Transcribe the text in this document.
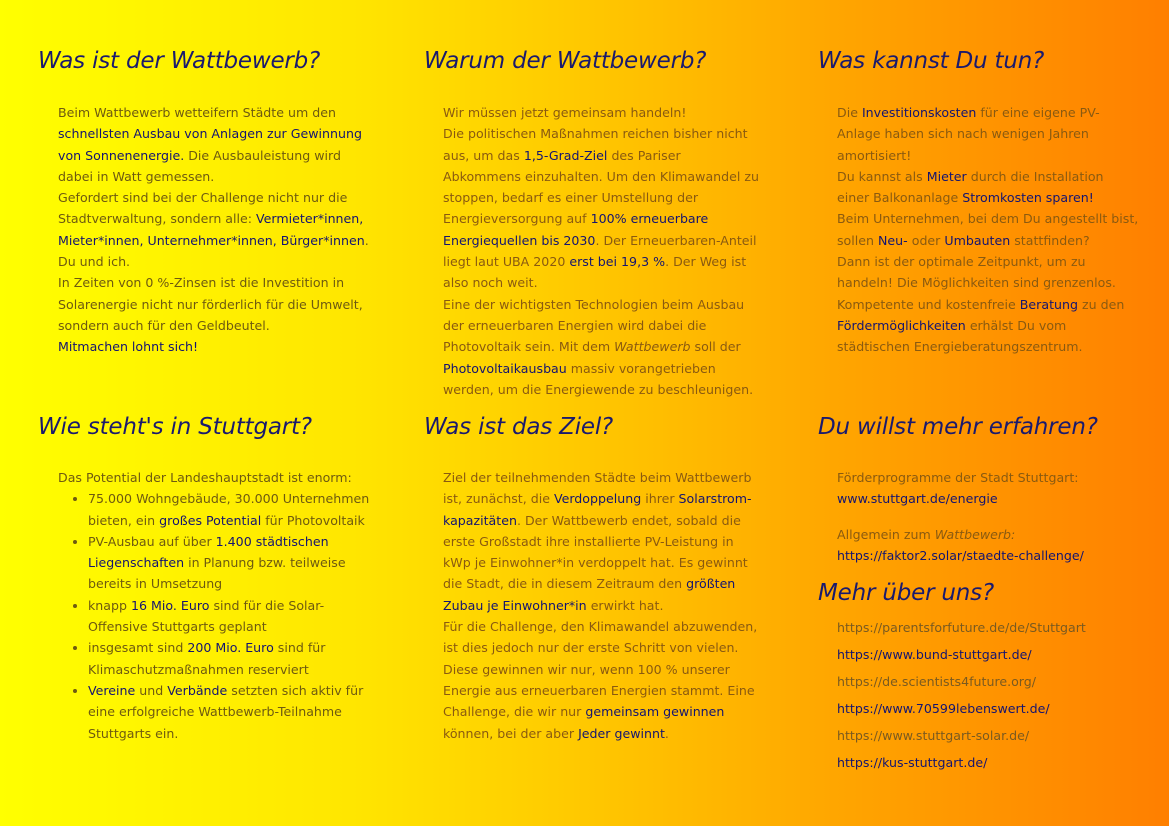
Was ist der Wattbewerb?

Beim Wattbewerb wetteifern Städte um den

schnellsten Ausbau von Anlagen zur Gewinnung

von Sonnenenergie. Die Ausbauleistung wird

dabei in Watt gemessen.

Gefordert sind bei der Challenge nicht nur die

Stadtverwaltung, sondern alle: Vermieter*innen,

Mieter*innen, Unternehmer*innen, Bürger*innen.

Du und ich.

In Zeiten von 0 %-Zinsen ist die Investition in

Solarenergie nicht nur förderlich für die Umwelt,

sondern auch für den Geldbeutel.

Mitmachen lohnt sich!

Warum der Wattbewerb?

Wir müssen jetzt gemeinsam handeln!

Die politischen Maßnahmen reichen bisher nicht

aus, um das 1,5-Grad-Ziel des Pariser

Abkommens einzuhalten. Um den Klimawandel zu

stoppen, bedarf es einer Umstellung der

Energieversorgung auf 100% erneuerbare

Energiequellen bis 2030. Der Erneuerbaren-Anteil

liegt laut UBA 2020 erst bei 19,3 %. Der Weg ist

also noch weit.

Eine der wichtigsten Technologien beim Ausbau

der erneuerbaren Energien wird dabei die

Photovoltaik sein. Mit dem Wattbewerb soll der

Photovoltaikausbau massiv vorangetrieben

werden, um die Energiewende zu beschleunigen.

Was kannst Du tun?

Die Investitionskosten für eine eigene PV-

Anlage haben sich nach wenigen Jahren

amortisiert!

Du kannst als Mieter durch die Installation

einer Balkonanlage Stromkosten sparen!

Beim Unternehmen, bei dem Du angestellt bist,

sollen Neu- oder Umbauten stattfinden?

Dann ist der optimale Zeitpunkt, um zu

handeln! Die Möglichkeiten sind grenzenlos.

Kompetente und kostenfreie Beratung zu den

Fördermöglichkeiten erhälst Du vom

städtischen Energieberatungszentrum.

Wie steht's in Stuttgart?

Das Potential der Landeshauptstadt ist enorm:

• 75.000 Wohngebäude, 30.000 Unternehmen bieten, ein großes Potential für Photovoltaik
• PV-Ausbau auf über 1.400 städtischen Liegenschaften in Planung bzw. teilweise bereits in Umsetzung
• knapp 16 Mio. Euro sind für die Solar-Offensive Stuttgarts geplant
• insgesamt sind 200 Mio. Euro sind für Klimaschutzmaßnahmen reserviert
• Vereine und Verbände setzten sich aktiv für eine erfolgreiche Wattbewerb-Teilnahme Stuttgarts ein.
Was ist das Ziel?

Ziel der teilnehmenden Städte beim Wattbewerb

ist, zunächst, die Verdoppelung ihrer Solarstrom-

kapazitäten. Der Wattbewerb endet, sobald die

erste Großstadt ihre installierte PV-Leistung in

kWp je Einwohner*in verdoppelt hat. Es gewinnt

die Stadt, die in diesem Zeitraum den größten

Zubau je Einwohner*in erwirkt hat.

Für die Challenge, den Klimawandel abzuwenden,

ist dies jedoch nur der erste Schritt von vielen.

Diese gewinnen wir nur, wenn 100 % unserer

Energie aus erneuerbaren Energien stammt. Eine

Challenge, die wir nur gemeinsam gewinnen

können, bei der aber Jeder gewinnt.

Du willst mehr erfahren?

Förderprogramme der Stadt Stuttgart:

www.stuttgart.de/energie

Allgemein zum Wattbewerb:

https://faktor2.solar/staedte-challenge/

Mehr über uns?
https://parentsforfuture.de/de/Stuttgart
https://www.bund-stuttgart.de/
https://de.scientists4future.org/
https://www.70599lebenswert.de/
https://www.stuttgart-solar.de/
https://kus-stuttgart.de/
